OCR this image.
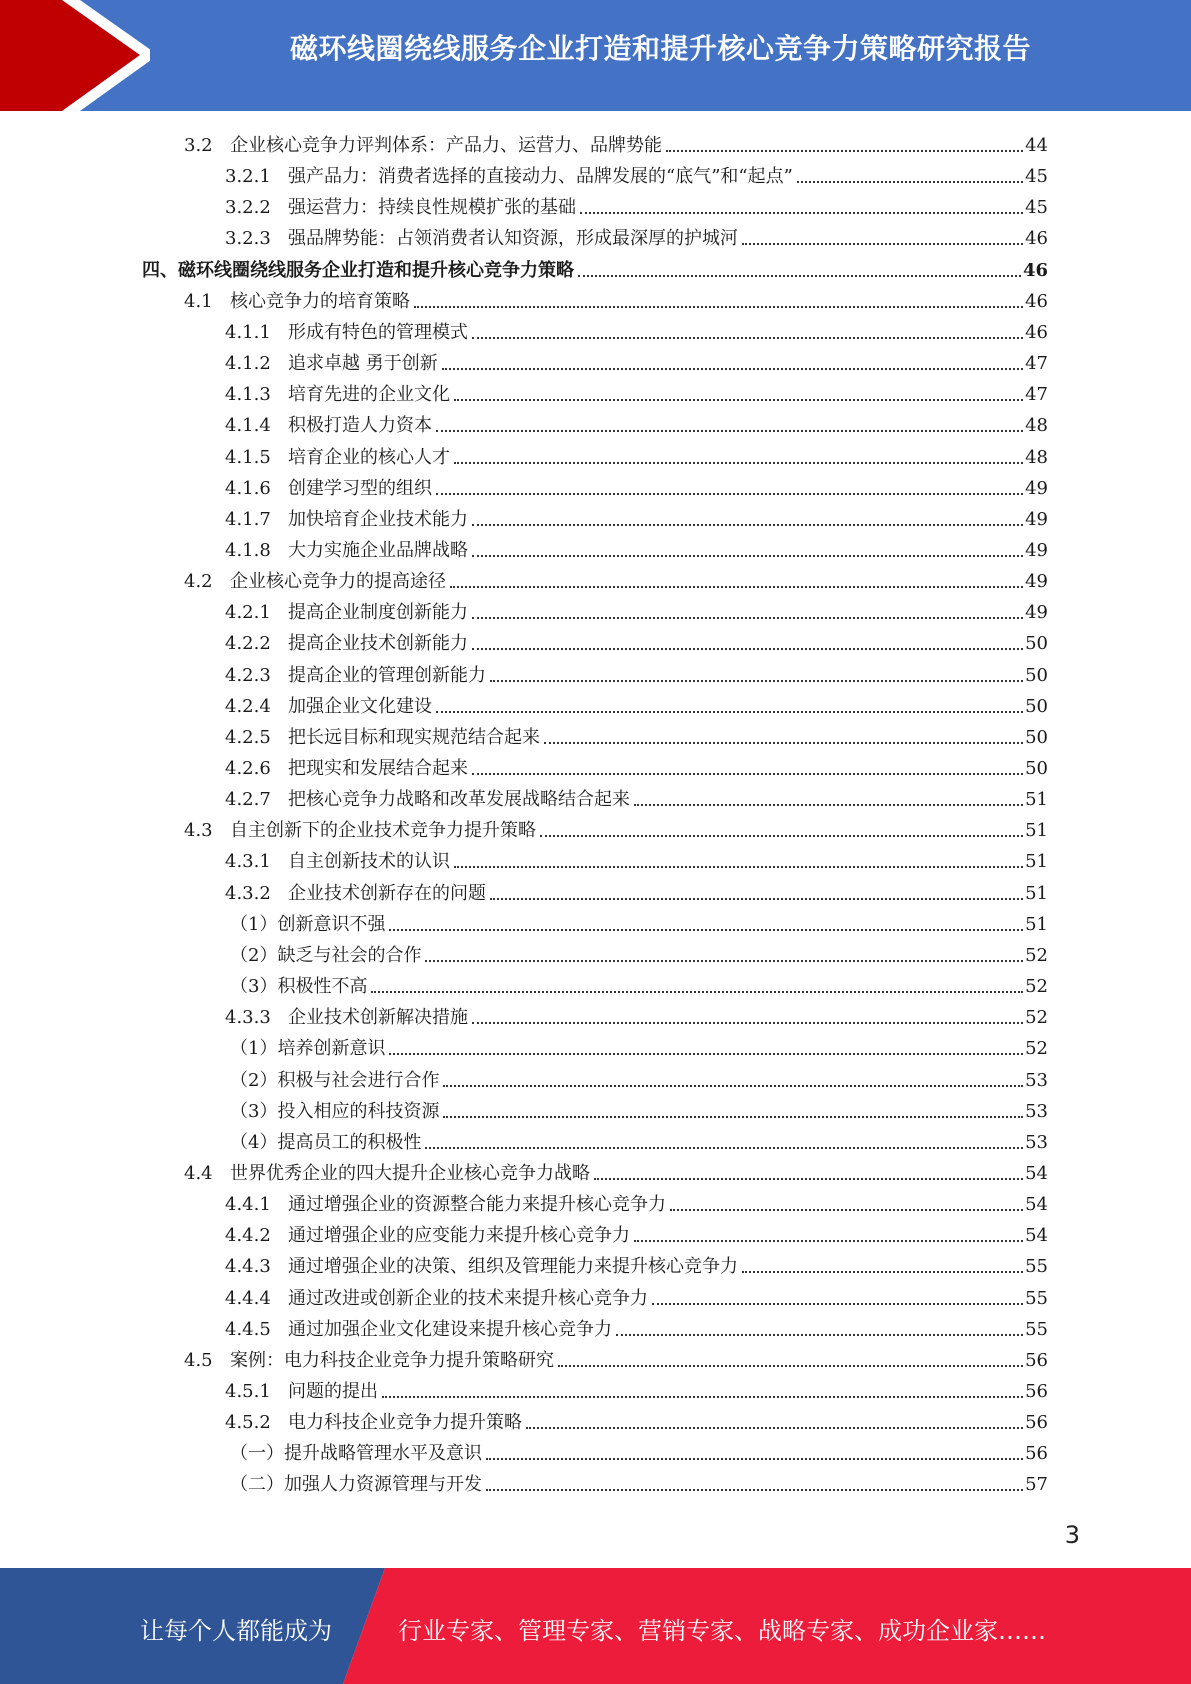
磁环线圈绕线服务企业打造和提升核心竞争力策略研究报告
3.2 企业核心竞争力评判体系：产品力、运营力、品牌势能	44
3.2.1 强产品力：消费者选择的直接动力、品牌发展的“底气”和“起点”	45
3.2.2 强运营力：持续良性规模扩张的基础	45
3.2.3 强品牌势能：占领消费者认知资源，形成最深厚的护城河	46
四、磁环线圈绕线服务企业打造和提升核心竞争力策略	46
4.1 核心竞争力的培育策略	46
4.1.1 形成有特色的管理模式	46
4.1.2 追求卓越 勇于创新	47
4.1.3 培育先进的企业文化	47
4.1.4 积极打造人力资本	48
4.1.5 培育企业的核心人才	48
4.1.6 创建学习型的组织	49
4.1.7 加快培育企业技术能力	49
4.1.8 大力实施企业品牌战略	49
4.2 企业核心竞争力的提高途径	49
4.2.1 提高企业制度创新能力	49
4.2.2 提高企业技术创新能力	50
4.2.3 提高企业的管理创新能力	50
4.2.4 加强企业文化建设	50
4.2.5 把长远目标和现实规范结合起来	50
4.2.6 把现实和发展结合起来	50
4.2.7 把核心竞争力战略和改革发展战略结合起来	51
4.3 自主创新下的企业技术竞争力提升策略	51
4.3.1 自主创新技术的认识	51
4.3.2 企业技术创新存在的问题	51
（1）创新意识不强	51
（2）缺乏与社会的合作	52
（3）积极性不高	52
4.3.3 企业技术创新解决措施	52
（1）培养创新意识	52
（2）积极与社会进行合作	53
（3）投入相应的科技资源	53
（4）提高员工的积极性	53
4.4 世界优秀企业的四大提升企业核心竞争力战略	54
4.4.1 通过增强企业的资源整合能力来提升核心竞争力	54
4.4.2 通过增强企业的应变能力来提升核心竞争力	54
4.4.3 通过增强企业的决策、组织及管理能力来提升核心竞争力	55
4.4.4 通过改进或创新企业的技术来提升核心竞争力	55
4.4.5 通过加强企业文化建设来提升核心竞争力	55
4.5 案例：电力科技企业竞争力提升策略研究	56
4.5.1 问题的提出	56
4.5.2 电力科技企业竞争力提升策略	56
（一）提升战略管理水平及意识	56
（二）加强人力资源管理与开发	57
3
让每个人都能成为	行业专家、管理专家、营销专家、战略专家、成功企业家……
